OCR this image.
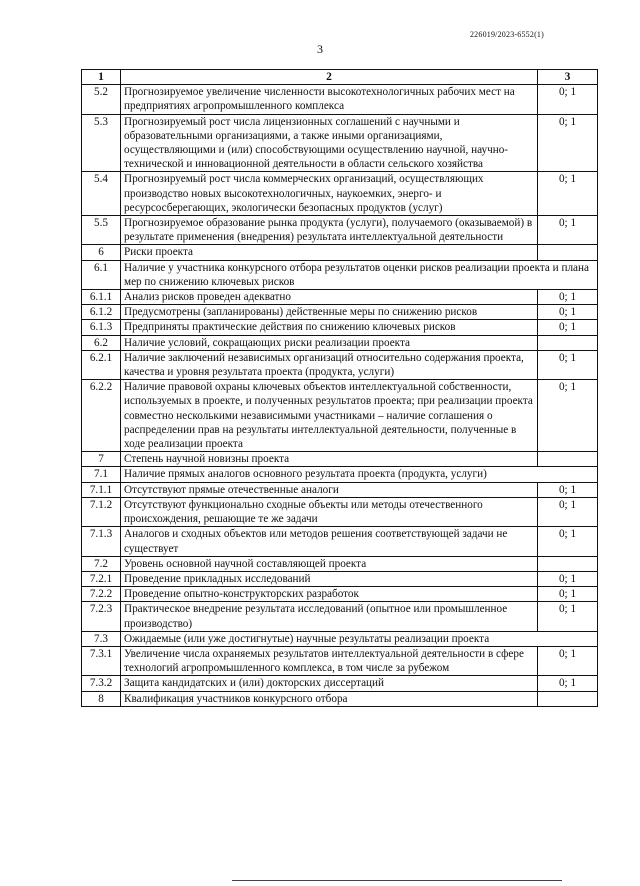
226019/2023-6552(1)
3
1	2	3
5.2	Прогнозируемое увеличение численности высокотехнологичных рабочих мест на предприятиях агропромышленного комплекса	0; 1
5.3	Прогнозируемый рост числа лицензионных соглашений с научными и образовательными организациями, а также иными организациями, осуществляющими и (или) способствующими осуществлению научной, научно-технической и инновационной деятельности в области сельского хозяйства	0; 1
5.4	Прогнозируемый рост числа коммерческих организаций, осуществляющих производство новых высокотехнологичных, наукоемких, энерго- и ресурсосберегающих, экологически безопасных продуктов (услуг)	0; 1
5.5	Прогнозируемое образование рынка продукта (услуги), получаемого (оказываемой) в результате применения (внедрения) результата интеллектуальной деятельности	0; 1
6	Риски проекта	
6.1	Наличие у участника конкурсного отбора результатов оценки рисков реализации проекта и плана мер по снижению ключевых рисков	
6.1.1	Анализ рисков проведен адекватно	0; 1
6.1.2	Предусмотрены (запланированы) действенные меры по снижению рисков	0; 1
6.1.3	Предприняты практические действия по снижению ключевых рисков	0; 1
6.2	Наличие условий, сокращающих риски реализации проекта	
6.2.1	Наличие заключений независимых организаций относительно содержания проекта, качества и уровня результата проекта (продукта, услуги)	0; 1
6.2.2	Наличие правовой охраны ключевых объектов интеллектуальной собственности, используемых в проекте, и полученных результатов проекта; при реализации проекта совместно несколькими независимыми участниками – наличие соглашения о распределении прав на результаты интеллектуальной деятельности, полученные в ходе реализации проекта	0; 1
7	Степень научной новизны проекта	
7.1	Наличие прямых аналогов основного результата проекта (продукта, услуги)	
7.1.1	Отсутствуют прямые отечественные аналоги	0; 1
7.1.2	Отсутствуют функционально сходные объекты или методы отечественного происхождения, решающие те же задачи	0; 1
7.1.3	Аналогов и сходных объектов или методов решения соответствующей задачи не существует	0; 1
7.2	Уровень основной научной составляющей проекта	
7.2.1	Проведение прикладных исследований	0; 1
7.2.2	Проведение опытно-конструкторских разработок	0; 1
7.2.3	Практическое внедрение результата исследований (опытное или промышленное производство)	0; 1
7.3	Ожидаемые (или уже достигнутые) научные результаты реализации проекта	
7.3.1	Увеличение числа охраняемых результатов интеллектуальной деятельности в сфере технологий агропромышленного комплекса, в том числе за рубежом	0; 1
7.3.2	Защита кандидатских и (или) докторских диссертаций	0; 1
8	Квалификация участников конкурсного отбора	
